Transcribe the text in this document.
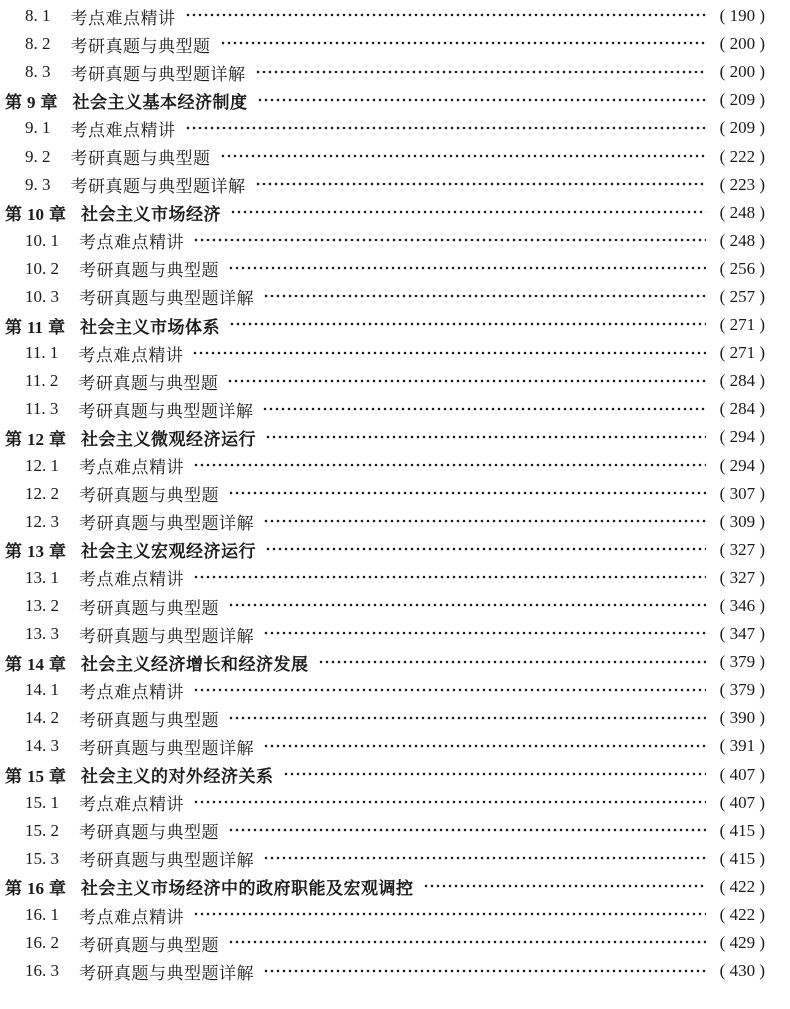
8. 1 考点难点精讲	( 190 )
8. 2 考研真题与典型题	( 200 )
8. 3 考研真题与典型题详解	( 200 )
第 9 章 社会主义基本经济制度	( 209 )
9. 1 考点难点精讲	( 209 )
9. 2 考研真题与典型题	( 222 )
9. 3 考研真题与典型题详解	( 223 )
第 10 章 社会主义市场经济	( 248 )
10. 1 考点难点精讲	( 248 )
10. 2 考研真题与典型题	( 256 )
10. 3 考研真题与典型题详解	( 257 )
第 11 章 社会主义市场体系	( 271 )
11. 1 考点难点精讲	( 271 )
11. 2 考研真题与典型题	( 284 )
11. 3 考研真题与典型题详解	( 284 )
第 12 章 社会主义微观经济运行	( 294 )
12. 1 考点难点精讲	( 294 )
12. 2 考研真题与典型题	( 307 )
12. 3 考研真题与典型题详解	( 309 )
第 13 章 社会主义宏观经济运行	( 327 )
13. 1 考点难点精讲	( 327 )
13. 2 考研真题与典型题	( 346 )
13. 3 考研真题与典型题详解	( 347 )
第 14 章 社会主义经济增长和经济发展	( 379 )
14. 1 考点难点精讲	( 379 )
14. 2 考研真题与典型题	( 390 )
14. 3 考研真题与典型题详解	( 391 )
第 15 章 社会主义的对外经济关系	( 407 )
15. 1 考点难点精讲	( 407 )
15. 2 考研真题与典型题	( 415 )
15. 3 考研真题与典型题详解	( 415 )
第 16 章 社会主义市场经济中的政府职能及宏观调控	( 422 )
16. 1 考点难点精讲	( 422 )
16. 2 考研真题与典型题	( 429 )
16. 3 考研真题与典型题详解	( 430 )
